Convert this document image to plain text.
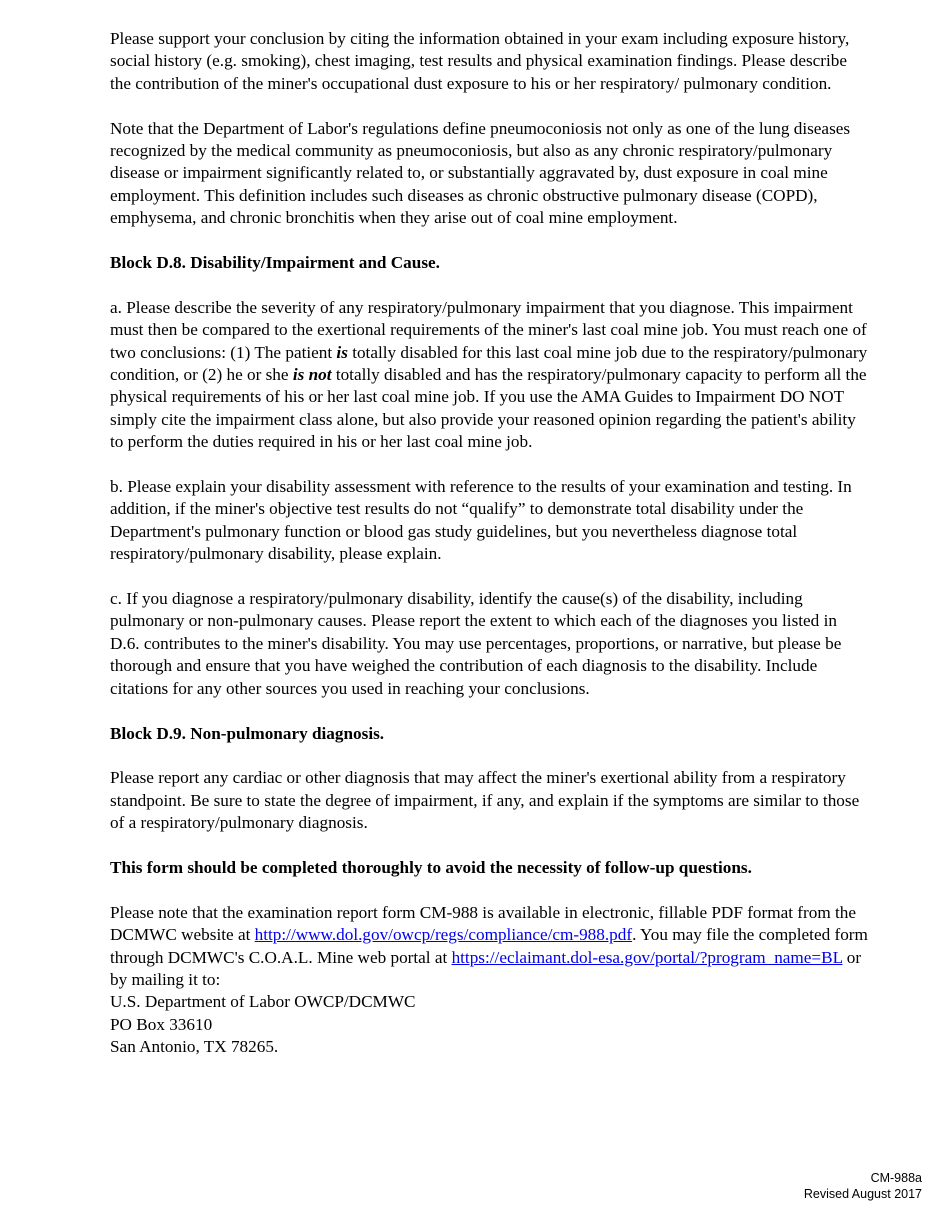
Please support your conclusion by citing the information obtained in your exam including exposure history, social history (e.g. smoking), chest imaging, test results and physical examination findings. Please describe the contribution of the miner's occupational dust exposure to his or her respiratory/ pulmonary condition.

Note that the Department of Labor's regulations define pneumoconiosis not only as one of the lung diseases recognized by the medical community as pneumoconiosis, but also as any chronic respiratory/pulmonary disease or impairment significantly related to, or substantially aggravated by, dust exposure in coal mine employment. This definition includes such diseases as chronic obstructive pulmonary disease (COPD), emphysema, and chronic bronchitis when they arise out of coal mine employment.

Block D.8. Disability/Impairment and Cause.

a. Please describe the severity of any respiratory/pulmonary impairment that you diagnose. This impairment must then be compared to the exertional requirements of the miner's last coal mine job. You must reach one of two conclusions: (1) The patient is totally disabled for this last coal mine job due to the respiratory/pulmonary condition, or (2) he or she is not totally disabled and has the respiratory/pulmonary capacity to perform all the physical requirements of his or her last coal mine job. If you use the AMA Guides to Impairment DO NOT simply cite the impairment class alone, but also provide your reasoned opinion regarding the patient's ability to perform the duties required in his or her last coal mine job.

b. Please explain your disability assessment with reference to the results of your examination and testing. In addition, if the miner's objective test results do not “qualify” to demonstrate total disability under the Department's pulmonary function or blood gas study guidelines, but you nevertheless diagnose total respiratory/pulmonary disability, please explain.

c. If you diagnose a respiratory/pulmonary disability, identify the cause(s) of the disability, including pulmonary or non-pulmonary causes. Please report the extent to which each of the diagnoses you listed in D.6. contributes to the miner's disability. You may use percentages, proportions, or narrative, but please be thorough and ensure that you have weighed the contribution of each diagnosis to the disability. Include citations for any other sources you used in reaching your conclusions.

Block D.9. Non-pulmonary diagnosis.

Please report any cardiac or other diagnosis that may affect the miner's exertional ability from a respiratory standpoint. Be sure to state the degree of impairment, if any, and explain if the symptoms are similar to those of a respiratory/pulmonary diagnosis.

This form should be completed thoroughly to avoid the necessity of follow-up questions.

Please note that the examination report form CM-988 is available in electronic, fillable PDF format from the DCMWC website at http://www.dol.gov/owcp/regs/compliance/cm-988.pdf. You may file the completed form through DCMWC's C.O.A.L. Mine web portal at https://eclaimant.dol-esa.gov/portal/?program_name=BL or by mailing it to:
U.S. Department of Labor OWCP/DCMWC
PO Box 33610
San Antonio, TX 78265.

CM-988a
Revised August 2017
